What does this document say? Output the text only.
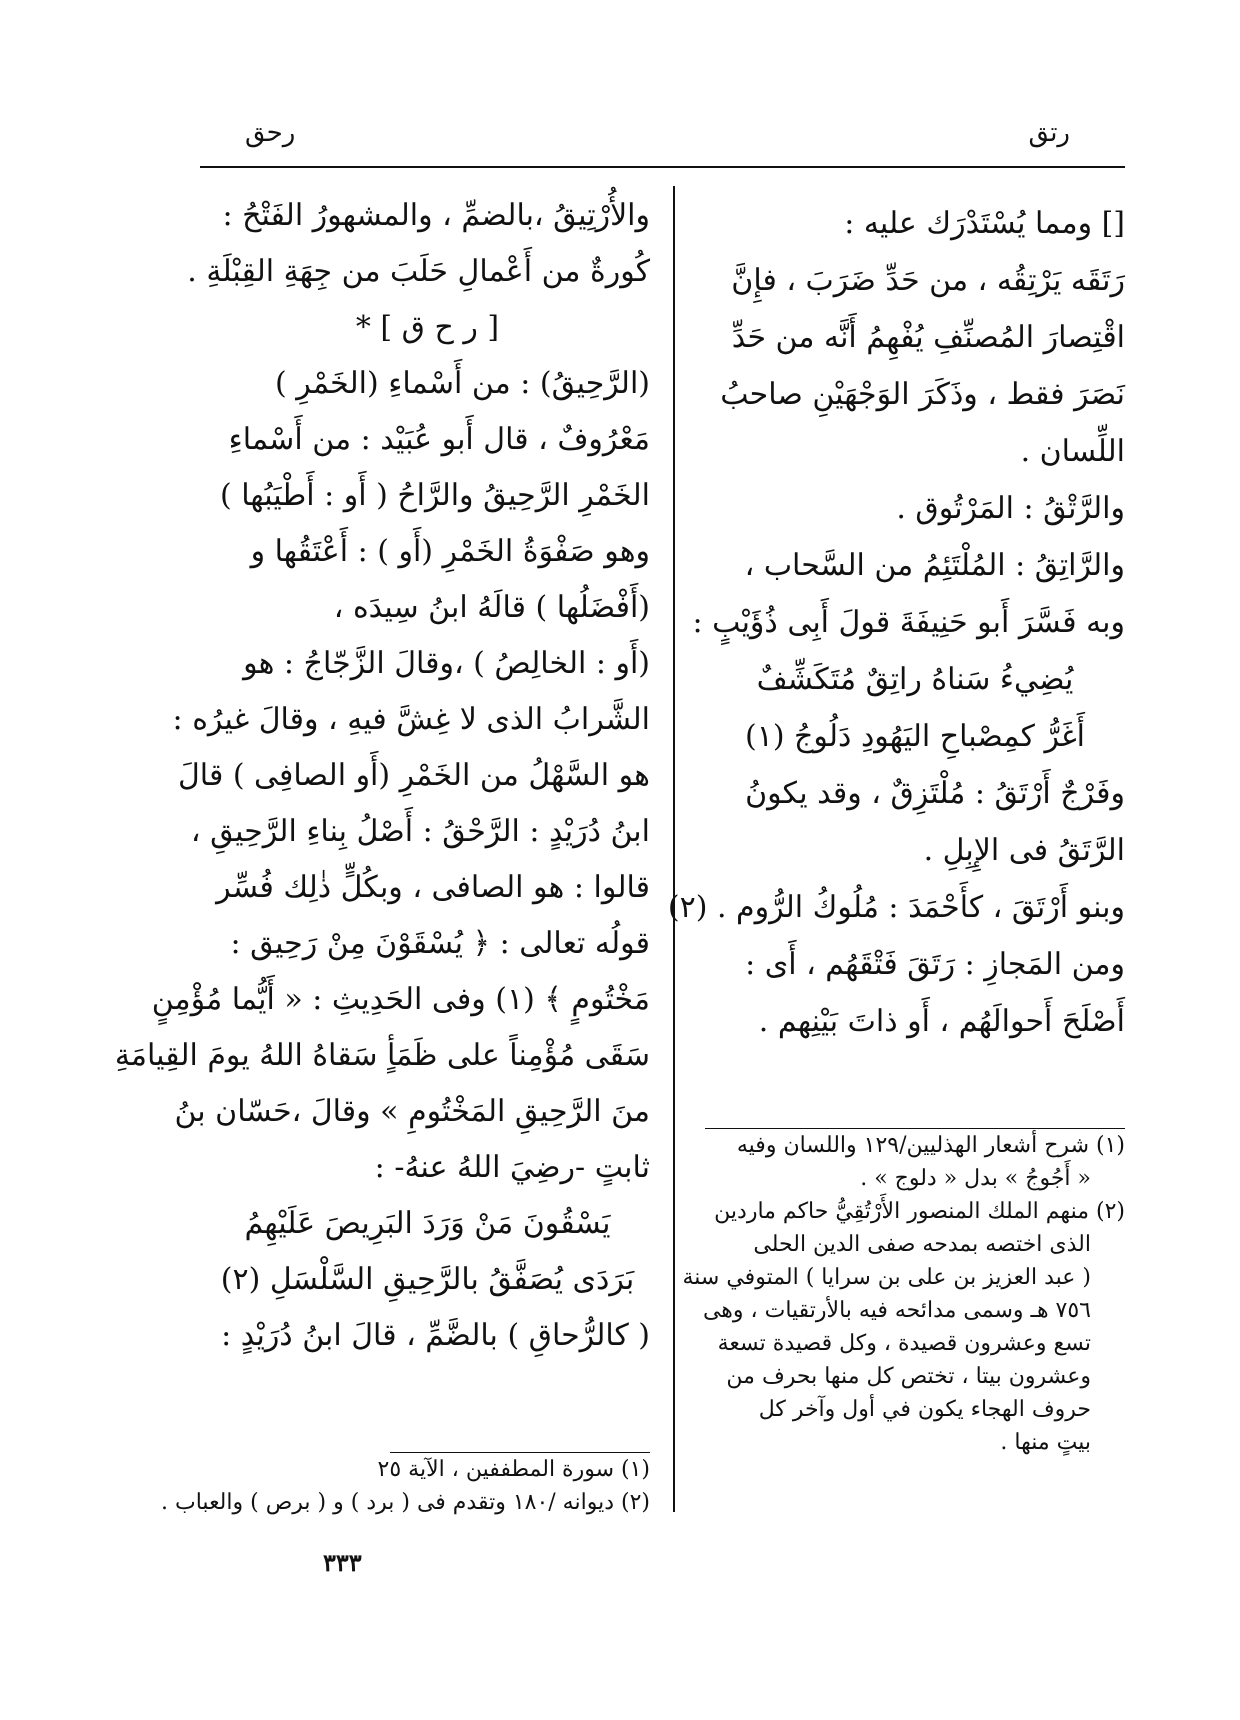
رتق
رحق
[] ومما يُسْتَدْرَك عليه :
رَتَقَه يَرْتِقُه ، من حَدِّ ضَرَبَ ، فإِنَّ
اقْتِصارَ المُصنِّفِ يُفْهِمُ أَنَّه من حَدِّ
نَصَرَ فقط ، وذَكَرَ الوَجْهَيْنِ صاحبُ
اللِّسان .
والرَّتْقُ : المَرْتُوق .
والرَّاتِقُ : المُلْتَئِمُ من السَّحاب ،
وبه فَسَّرَ أَبو حَنِيفَةَ قولَ أَبِى ذُؤَيْبٍ :
يُضِيءُ سَناهُ راتِقٌ مُتَكَشِّفٌ
أَغَرُّ كمِصْباحِ اليَهُودِ دَلُوجُ (١)
وفَرْجٌ أَرْتَقُ : مُلْتَزِقٌ ، وقد يكونُ
الرَّتَقُ فى الإِبِلِ .
وبنو أَرْتَقَ ، كأَحْمَدَ : مُلُوكُ الرُّوم . (٢)
ومن المَجازِ : رَتَقَ فَتْقَهُم ، أَى :
أَصْلَحَ أَحوالَهُم ، أَو ذاتَ بَيْنِهم .
(١) شرح أشعار الهذليين/١٢٩ واللسان وفيه
« أَجُوجُ » بدل « دلوج » .
(٢) منهم الملك المنصور الأَرْتُقِيُّ حاكم ماردين
الذى اختصه بمدحه صفى الدين الحلى
( عبد العزيز بن على بن سرايا ) المتوفي سنة
٧٥٦ هـ وسمى مدائحه فيه بالأرتقيات ، وهى
تسع وعشرون قصيدة ، وكل قصيدة تسعة
وعشرون بيتا ، تختص كل منها بحرف من
حروف الهجاء يكون في أول وآخر كل
بيتٍ منها .
والأُرْتِيقُ ،بالضمِّ ، والمشهورُ الفَتْحُ :
كُورةٌ من أَعْمالِ حَلَبَ من جِهَةِ القِبْلَةِ .
[ ر ح ق ] *
(الرَّحِيقُ) : من أَسْماءِ (الخَمْرِ )
مَعْرُوفٌ ، قال أَبو عُبَيْد : من أَسْماءِ
الخَمْرِ الرَّحِيقُ والرَّاحُ ( أَو : أَطْيَبُها )
وهو صَفْوَةُ الخَمْرِ (أَو ) : أَعْتَقُها و
(أَفْضَلُها ) قالَهُ ابنُ سِيدَه ،
(أَو : الخالِصُ ) ،وقالَ الزَّجّاجُ : هو
الشَّرابُ الذى لا غِشَّ فيهِ ، وقالَ غيرُه :
هو السَّهْلُ من الخَمْرِ (أَو الصافِى ) قالَ
ابنُ دُرَيْدٍ : الرَّحْقُ : أَصْلُ بِناءِ الرَّحِيقِ ،
قالوا : هو الصافى ، وبكُلٍّ ذٰلِك فُسِّر
قولُه تعالى : ﴿ يُسْقَوْنَ مِنْ رَحِيق :
مَخْتُومٍ ﴾ (١) وفى الحَدِيثِ : « أَيُّما مُؤْمِنٍ
سَقَى مُؤْمِناً على ظَمَأٍ سَقاهُ اللهُ يومَ القِيامَةِ
منَ الرَّحِيقِ المَخْتُومِ » وقالَ ،حَسّان بنُ
ثابتٍ -رضِيَ اللهُ عنهُ- :
يَسْقُونَ مَنْ وَرَدَ البَرِيصَ عَلَيْهِمُ
بَرَدَى يُصَفَّقُ بالرَّحِيقِ السَّلْسَلِ (٢)
( كالرُّحاقِ ) بالضَّمِّ ، قالَ ابنُ دُرَيْدٍ :
(١) سورة المطففين ، الآية ٢٥
(٢) ديوانه /١٨٠ وتقدم فى ( برد ) و ( برص ) والعباب .
٣٣٣
